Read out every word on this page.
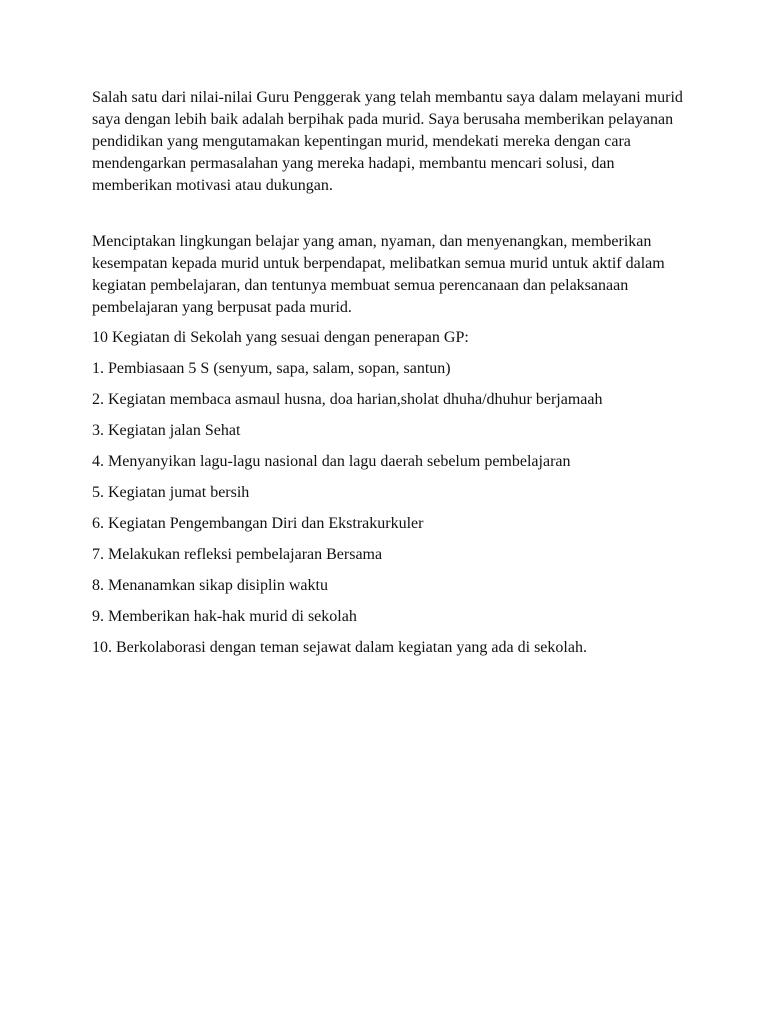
Salah satu dari nilai-nilai Guru Penggerak yang telah membantu saya dalam melayani murid saya dengan lebih baik adalah berpihak pada murid. Saya berusaha memberikan pelayanan pendidikan yang mengutamakan kepentingan murid, mendekati mereka dengan cara mendengarkan permasalahan yang mereka hadapi, membantu mencari solusi, dan memberikan motivasi atau dukungan.

Menciptakan lingkungan belajar yang aman, nyaman, dan menyenangkan, memberikan kesempatan kepada murid untuk berpendapat, melibatkan semua murid untuk aktif dalam kegiatan pembelajaran, dan tentunya membuat semua perencanaan dan pelaksanaan pembelajaran yang berpusat pada murid.

10 Kegiatan di Sekolah yang sesuai dengan penerapan GP:

1. Pembiasaan 5 S (senyum, sapa, salam, sopan, santun)
2. Kegiatan membaca asmaul husna, doa harian,sholat dhuha/dhuhur berjamaah
3. Kegiatan jalan Sehat
4. Menyanyikan lagu-lagu nasional dan lagu daerah sebelum pembelajaran
5. Kegiatan jumat bersih
6. Kegiatan Pengembangan Diri dan Ekstrakurkuler
7. Melakukan refleksi pembelajaran Bersama
8. Menanamkan sikap disiplin waktu
9. Memberikan hak-hak murid di sekolah
10. Berkolaborasi dengan teman sejawat dalam kegiatan yang ada di sekolah.
